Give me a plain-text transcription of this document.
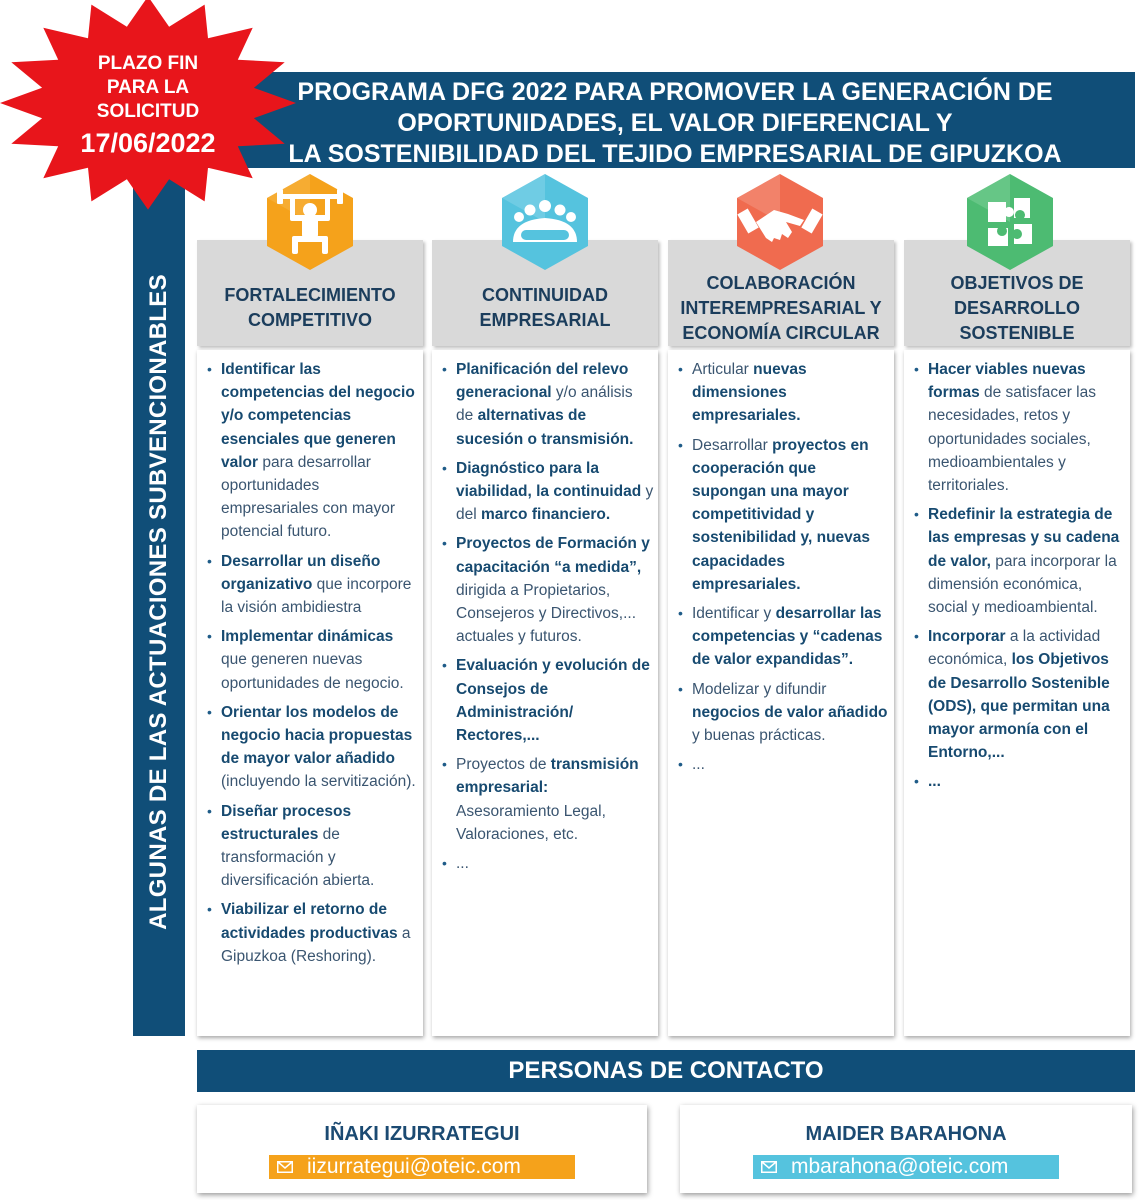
PROGRAMA DFG 2022 PARA PROMOVER LA GENERACIÓN DE
OPORTUNIDADES, EL VALOR DIFERENCIAL Y
LA SOSTENIBILIDAD DEL TEJIDO EMPRESARIAL DE GIPUZKOA
ALGUNAS DE LAS ACTUACIONES SUBVENCIONABLES
PLAZO FIN
PARA LA
SOLICITUD
17/06/2022
FORTALECIMIENTO
COMPETITIVO
• Identificar las competencias del negocio y/o competencias esenciales que generen valor para desarrollar oportunidades empresariales con mayor potencial futuro.
• Desarrollar un diseño organizativo que incorpore la visión ambidiestra
• Implementar dinámicas que generen nuevas oportunidades de negocio.
• Orientar los modelos de negocio hacia propuestas de mayor valor añadido (incluyendo la servitización).
• Diseñar procesos estructurales de transformación y diversificación abierta.
• Viabilizar el retorno de actividades productivas a Gipuzkoa (Reshoring).
CONTINUIDAD
EMPRESARIAL
• Planificación del relevo generacional y/o análisis de alternativas de sucesión o transmisión.
• Diagnóstico para la viabilidad, la continuidad y del marco financiero.
• Proyectos de Formación y capacitación “a medida”, dirigida a Propietarios, Consejeros y Directivos,... actuales y futuros.
• Evaluación y evolución de Consejos de Administración/ Rectores,...
• Proyectos de transmisión empresarial: Asesoramiento Legal, Valoraciones, etc.
• ...
COLABORACIÓN
INTEREMPRESARIAL Y
ECONOMÍA CIRCULAR
• Articular nuevas dimensiones empresariales.
• Desarrollar proyectos en cooperación que supongan una mayor competitividad y sostenibilidad y, nuevas capacidades empresariales.
• Identificar y desarrollar las competencias y “cadenas de valor expandidas”.
• Modelizar y difundir negocios de valor añadido y buenas prácticas.
• ...
OBJETIVOS DE
DESARROLLO
SOSTENIBLE
• Hacer viables nuevas formas de satisfacer las necesidades, retos y oportunidades sociales, medioambientales y territoriales.
• Redefinir la estrategia de las empresas y su cadena de valor, para incorporar la dimensión económica, social y medioambiental.
• Incorporar a la actividad económica, los Objetivos de Desarrollo Sostenible (ODS), que permitan una mayor armonía con el Entorno,...
• ...
PERSONAS DE CONTACTO
IÑAKI IZURRATEGUI
iizurrategui@oteic.com
MAIDER BARAHONA
mbarahona@oteic.com
